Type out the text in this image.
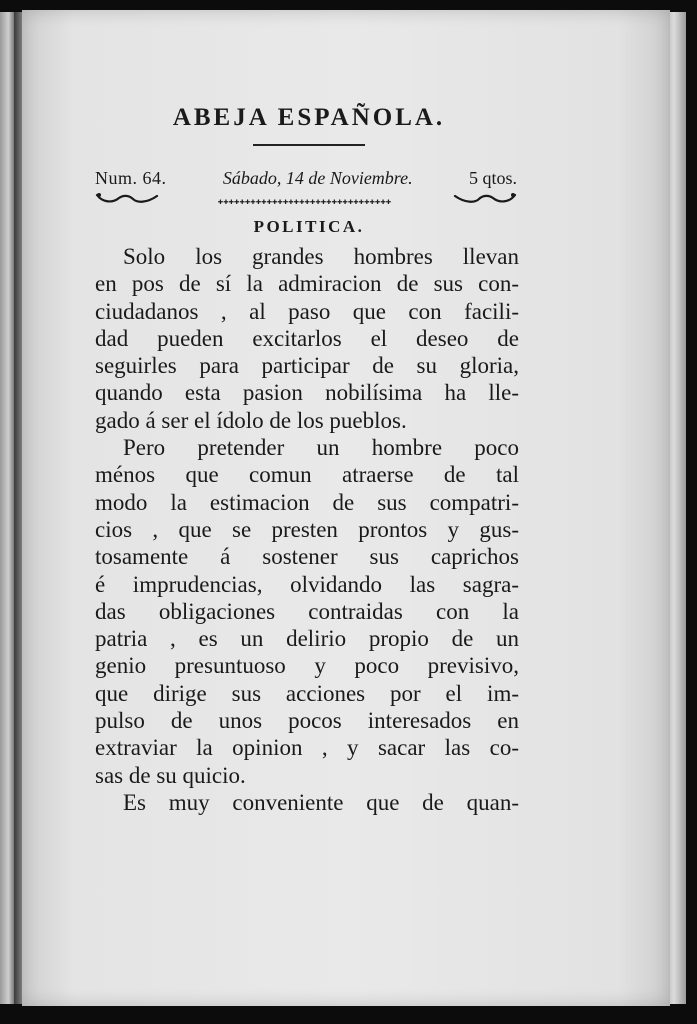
ABEJA ESPAÑOLA.
Num. 64.	Sábado, 14 de Noviembre.	5 qtos.
✚✚✚✚✚✚✚✚✚✚✚✚✚✚✚✚✚✚✚✚✚✚✚✚✚✚✚✚✚✚✚✚
POLITICA.
Solo los grandes hombres llevan
en pos de sí la admiracion de sus con-
ciudadanos , al paso que con facili-
dad pueden excitarlos el deseo de
seguirles para participar de su gloria,
quando esta pasion nobilísima ha lle-
gado á ser el ídolo de los pueblos.
Pero pretender un hombre poco
ménos que comun atraerse de tal
modo la estimacion de sus compatri-
cios , que se presten prontos y gus-
tosamente á sostener sus caprichos
é imprudencias, olvidando las sagra-
das obligaciones contraidas con la
patria , es un delirio propio de un
genio presuntuoso y poco previsivo,
que dirige sus acciones por el im-
pulso de unos pocos interesados en
extraviar la opinion , y sacar las co-
sas de su quicio.
Es muy conveniente que de quan-
